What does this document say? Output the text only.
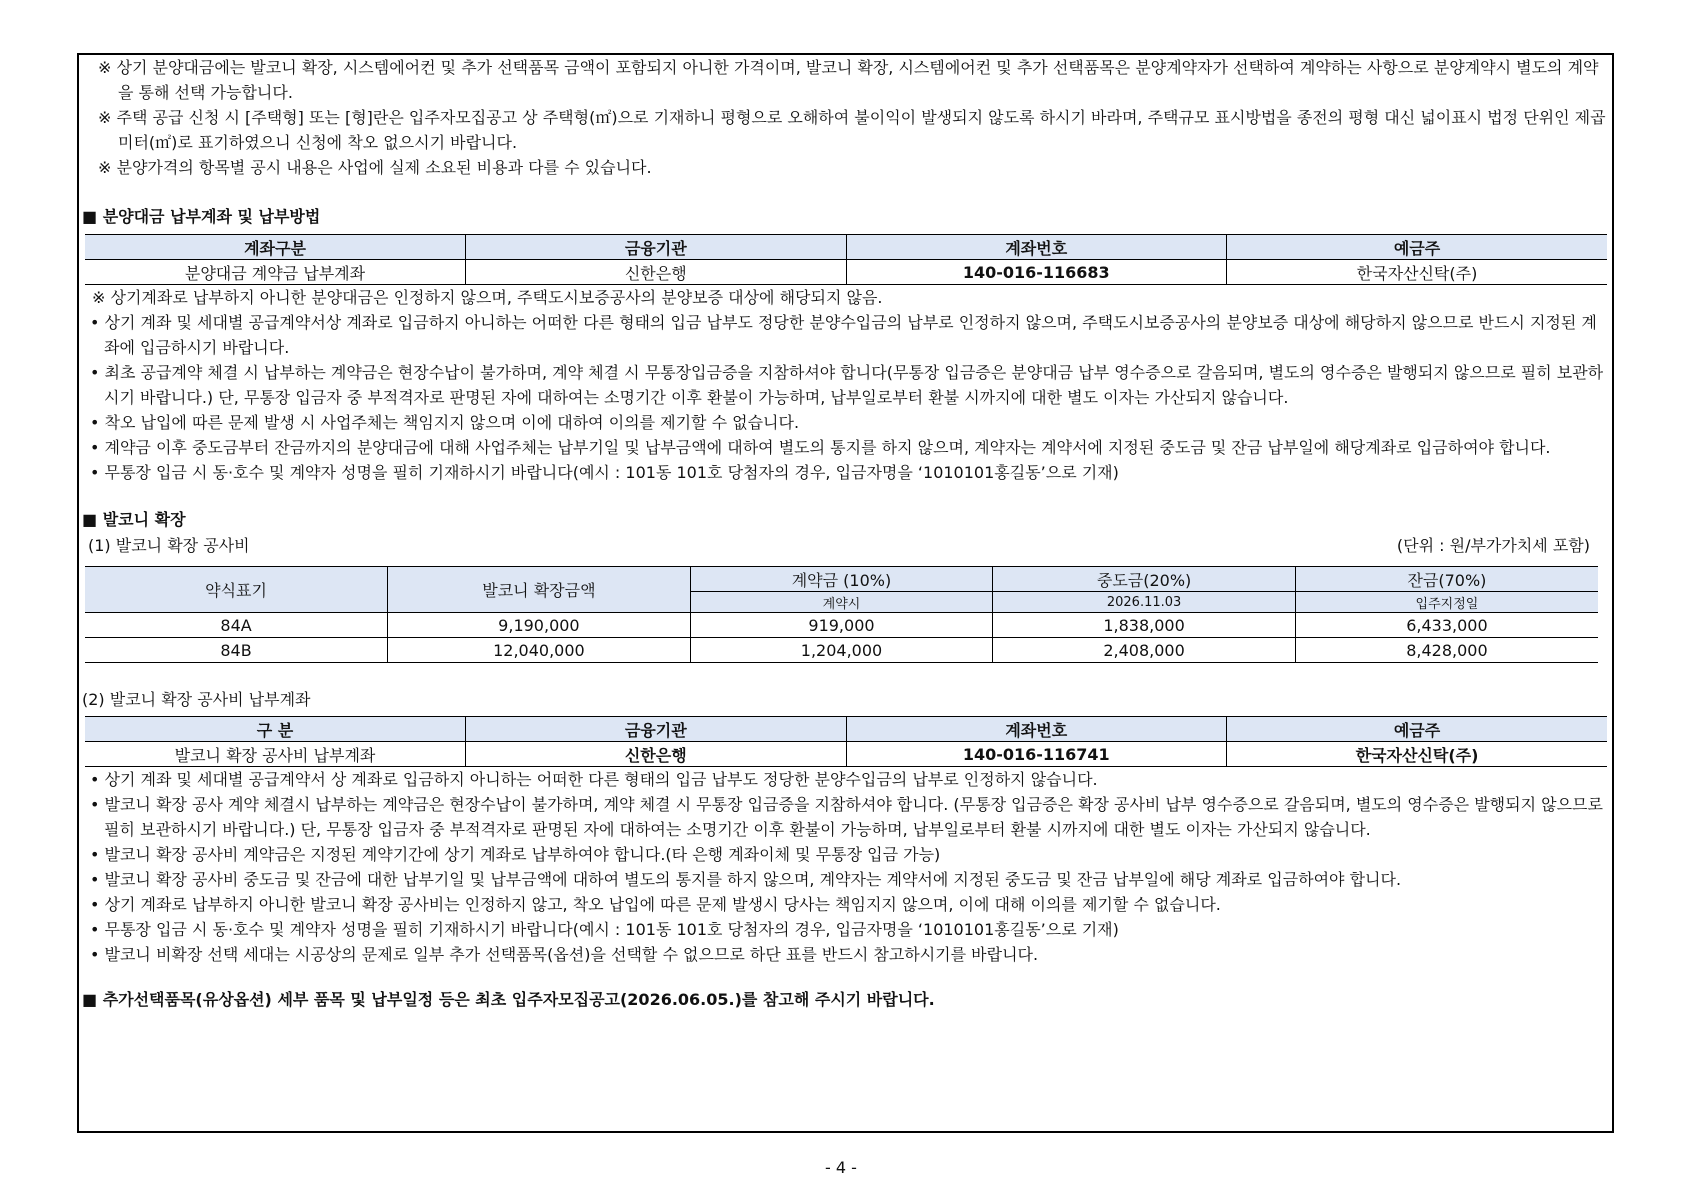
※ 상기 분양대금에는 발코니 확장, 시스템에어컨 및 추가 선택품목 금액이 포함되지 아니한 가격이며, 발코니 확장, 시스템에어컨 및 추가 선택품목은 분양계약자가 선택하여 계약하는 사항으로 분양계약시 별도의 계약을 통해 선택 가능합니다.

※ 주택 공급 신청 시 [주택형] 또는 [형]란은 입주자모집공고 상 주택형(㎡)으로 기재하니 평형으로 오해하여 불이익이 발생되지 않도록 하시기 바라며, 주택규모 표시방법을 종전의 평형 대신 넓이표시 법정 단위인 제곱미터(㎡)로 표기하였으니 신청에 착오 없으시기 바랍니다.

※ 분양가격의 항목별 공시 내용은 사업에 실제 소요된 비용과 다를 수 있습니다.

■ 분양대금 납부계좌 및 납부방법

계좌구분	금융기관	계좌번호	예금주
분양대금 계약금 납부계좌	신한은행	140-016-116683	한국자산신탁(주)

※ 상기계좌로 납부하지 아니한 분양대금은 인정하지 않으며, 주택도시보증공사의 분양보증 대상에 해당되지 않음.

• 상기 계좌 및 세대별 공급계약서상 계좌로 입금하지 아니하는 어떠한 다른 형태의 입금 납부도 정당한 분양수입금의 납부로 인정하지 않으며, 주택도시보증공사의 분양보증 대상에 해당하지 않으므로 반드시 지정된 계좌에 입금하시기 바랍니다.

• 최초 공급계약 체결 시 납부하는 계약금은 현장수납이 불가하며, 계약 체결 시 무통장입금증을 지참하셔야 합니다(무통장 입금증은 분양대금 납부 영수증으로 갈음되며, 별도의 영수증은 발행되지 않으므로 필히 보관하시기 바랍니다.) 단, 무통장 입금자 중 부적격자로 판명된 자에 대하여는 소명기간 이후 환불이 가능하며, 납부일로부터 환불 시까지에 대한 별도 이자는 가산되지 않습니다.

• 착오 납입에 따른 문제 발생 시 사업주체는 책임지지 않으며 이에 대하여 이의를 제기할 수 없습니다.

• 계약금 이후 중도금부터 잔금까지의 분양대금에 대해 사업주체는 납부기일 및 납부금액에 대하여 별도의 통지를 하지 않으며, 계약자는 계약서에 지정된 중도금 및 잔금 납부일에 해당계좌로 입금하여야 합니다.

• 무통장 입금 시 동·호수 및 계약자 성명을 필히 기재하시기 바랍니다(예시 : 101동 101호 당첨자의 경우, 입금자명을 ‘1010101홍길동’으로 기재)

■ 발코니 확장

(1) 발코니 확장 공사비	(단위 : 원/부가가치세 포함)
약식표기	발코니 확장금액	계약금 (10%)	중도금(20%)	잔금(70%)
		계약시	2026.11.03	입주지정일
84A	9,190,000	919,000	1,838,000	6,433,000
84B	12,040,000	1,204,000	2,408,000	8,428,000

(2) 발코니 확장 공사비 납부계좌

구 분	금융기관	계좌번호	예금주
발코니 확장 공사비 납부계좌	신한은행	140-016-116741	한국자산신탁(주)

• 상기 계좌 및 세대별 공급계약서 상 계좌로 입금하지 아니하는 어떠한 다른 형태의 입금 납부도 정당한 분양수입금의 납부로 인정하지 않습니다.

• 발코니 확장 공사 계약 체결시 납부하는 계약금은 현장수납이 불가하며, 계약 체결 시 무통장 입금증을 지참하셔야 합니다. (무통장 입금증은 확장 공사비 납부 영수증으로 갈음되며, 별도의 영수증은 발행되지 않으므로 필히 보관하시기 바랍니다.) 단, 무통장 입금자 중 부적격자로 판명된 자에 대하여는 소명기간 이후 환불이 가능하며, 납부일로부터 환불 시까지에 대한 별도 이자는 가산되지 않습니다.

• 발코니 확장 공사비 계약금은 지정된 계약기간에 상기 계좌로 납부하여야 합니다.(타 은행 계좌이체 및 무통장 입금 가능)

• 발코니 확장 공사비 중도금 및 잔금에 대한 납부기일 및 납부금액에 대하여 별도의 통지를 하지 않으며, 계약자는 계약서에 지정된 중도금 및 잔금 납부일에 해당 계좌로 입금하여야 합니다.

• 상기 계좌로 납부하지 아니한 발코니 확장 공사비는 인정하지 않고, 착오 납입에 따른 문제 발생시 당사는 책임지지 않으며, 이에 대해 이의를 제기할 수 없습니다.

• 무통장 입금 시 동·호수 및 계약자 성명을 필히 기재하시기 바랍니다(예시 : 101동 101호 당첨자의 경우, 입금자명을 ‘1010101홍길동’으로 기재)

• 발코니 비확장 선택 세대는 시공상의 문제로 일부 추가 선택품목(옵션)을 선택할 수 없으므로 하단 표를 반드시 참고하시기를 바랍니다.

■ 추가선택품목(유상옵션) 세부 품목 및 납부일정 등은 최초 입주자모집공고(2026.06.05.)를 참고해 주시기 바랍니다.

- 4 -
